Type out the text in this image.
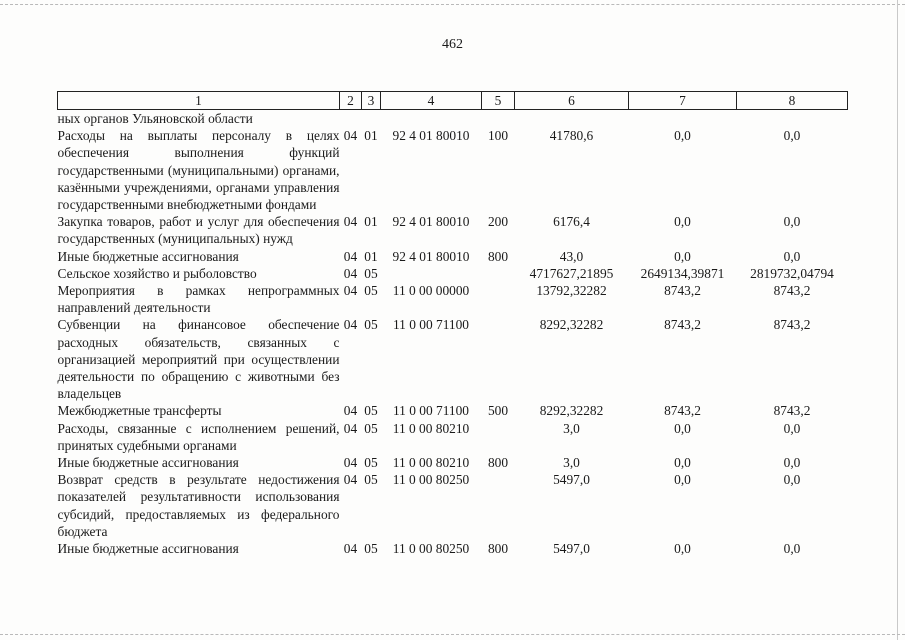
462
1	2	3	4	5	6	7	8
ных органов Ульяновской области							
Расходы на выплаты персоналу в целях обеспечения выполнения функций государственными (муниципальными) органами, казёнными учреждениями, органами управления государственными внебюджетными фондами	04	01	92 4 01 80010	100	41780,6	0,0	0,0
Закупка товаров, работ и услуг для обеспечения государственных (муниципальных) нужд	04	01	92 4 01 80010	200	6176,4	0,0	0,0
Иные бюджетные ассигнования	04	01	92 4 01 80010	800	43,0	0,0	0,0
Сельское хозяйство и рыболовство	04	05			4717627,21895	2649134,39871	2819732,04794
Мероприятия в рамках непрограммных направлений деятельности	04	05	11 0 00 00000		13792,32282	8743,2	8743,2
Субвенции на финансовое обеспечение расходных обязательств, связанных с организацией мероприятий при осуществлении деятельности по обращению с животными без владельцев	04	05	11 0 00 71100		8292,32282	8743,2	8743,2
Межбюджетные трансферты	04	05	11 0 00 71100	500	8292,32282	8743,2	8743,2
Расходы, связанные с исполнением решений, принятых судебными органами	04	05	11 0 00 80210		3,0	0,0	0,0
Иные бюджетные ассигнования	04	05	11 0 00 80210	800	3,0	0,0	0,0
Возврат средств в результате недостижения показателей результативности использования субсидий, предоставляемых из федерального бюджета	04	05	11 0 00 80250		5497,0	0,0	0,0
Иные бюджетные ассигнования	04	05	11 0 00 80250	800	5497,0	0,0	0,0
